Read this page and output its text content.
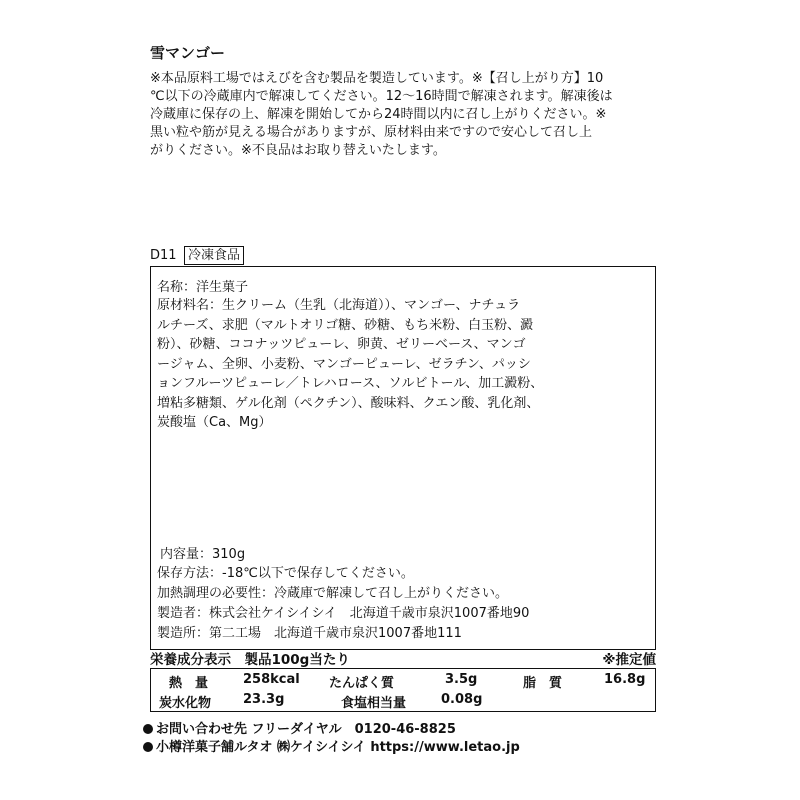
雪マンゴー
※本品原料工場ではえびを含む製品を製造しています。※【召し上がり方】10
℃以下の冷蔵庫内で解凍してください。12～16時間で解凍されます。解凍後は
冷蔵庫に保存の上、解凍を開始してから24時間以内に召し上がりください。※
黒い粒や筋が見える場合がありますが、原材料由来ですので安心して召し上
がりください。※不良品はお取り替えいたします。
D11 冷凍食品
名称：洋生菓子
原材料名：生クリーム（生乳（北海道））、マンゴー、ナチュラ
ルチーズ、求肥（マルトオリゴ糖、砂糖、もち米粉、白玉粉、澱
粉）、砂糖、ココナッツピューレ、卵黄、ゼリーベース、マンゴ
ージャム、全卵、小麦粉、マンゴーピューレ、ゼラチン、パッシ
ョンフルーツピューレ／トレハロース、ソルビトール、加工澱粉、
増粘多糖類、ゲル化剤（ペクチン）、酸味料、クエン酸、乳化剤、
炭酸塩（Ca、Mg）
内容量：310g
保存方法：-18℃以下で保存してください。
加熱調理の必要性：冷蔵庫で解凍して召し上がりください。
製造者：株式会社ケイシイシイ　北海道千歳市泉沢1007番地90
製造所：第二工場　北海道千歳市泉沢1007番地111
栄養成分表示　製品100g当たり	※推定値
熱　量	258kcal たんぱく質	3.5g	脂　質	16.8g
炭水化物 23.3g	食塩相当量	0.08g
お問い合わせ先 フリーダイヤル　0120-46-8825
小樽洋菓子舗ルタオ ㈱ケイシイシイ https://www.letao.jp
